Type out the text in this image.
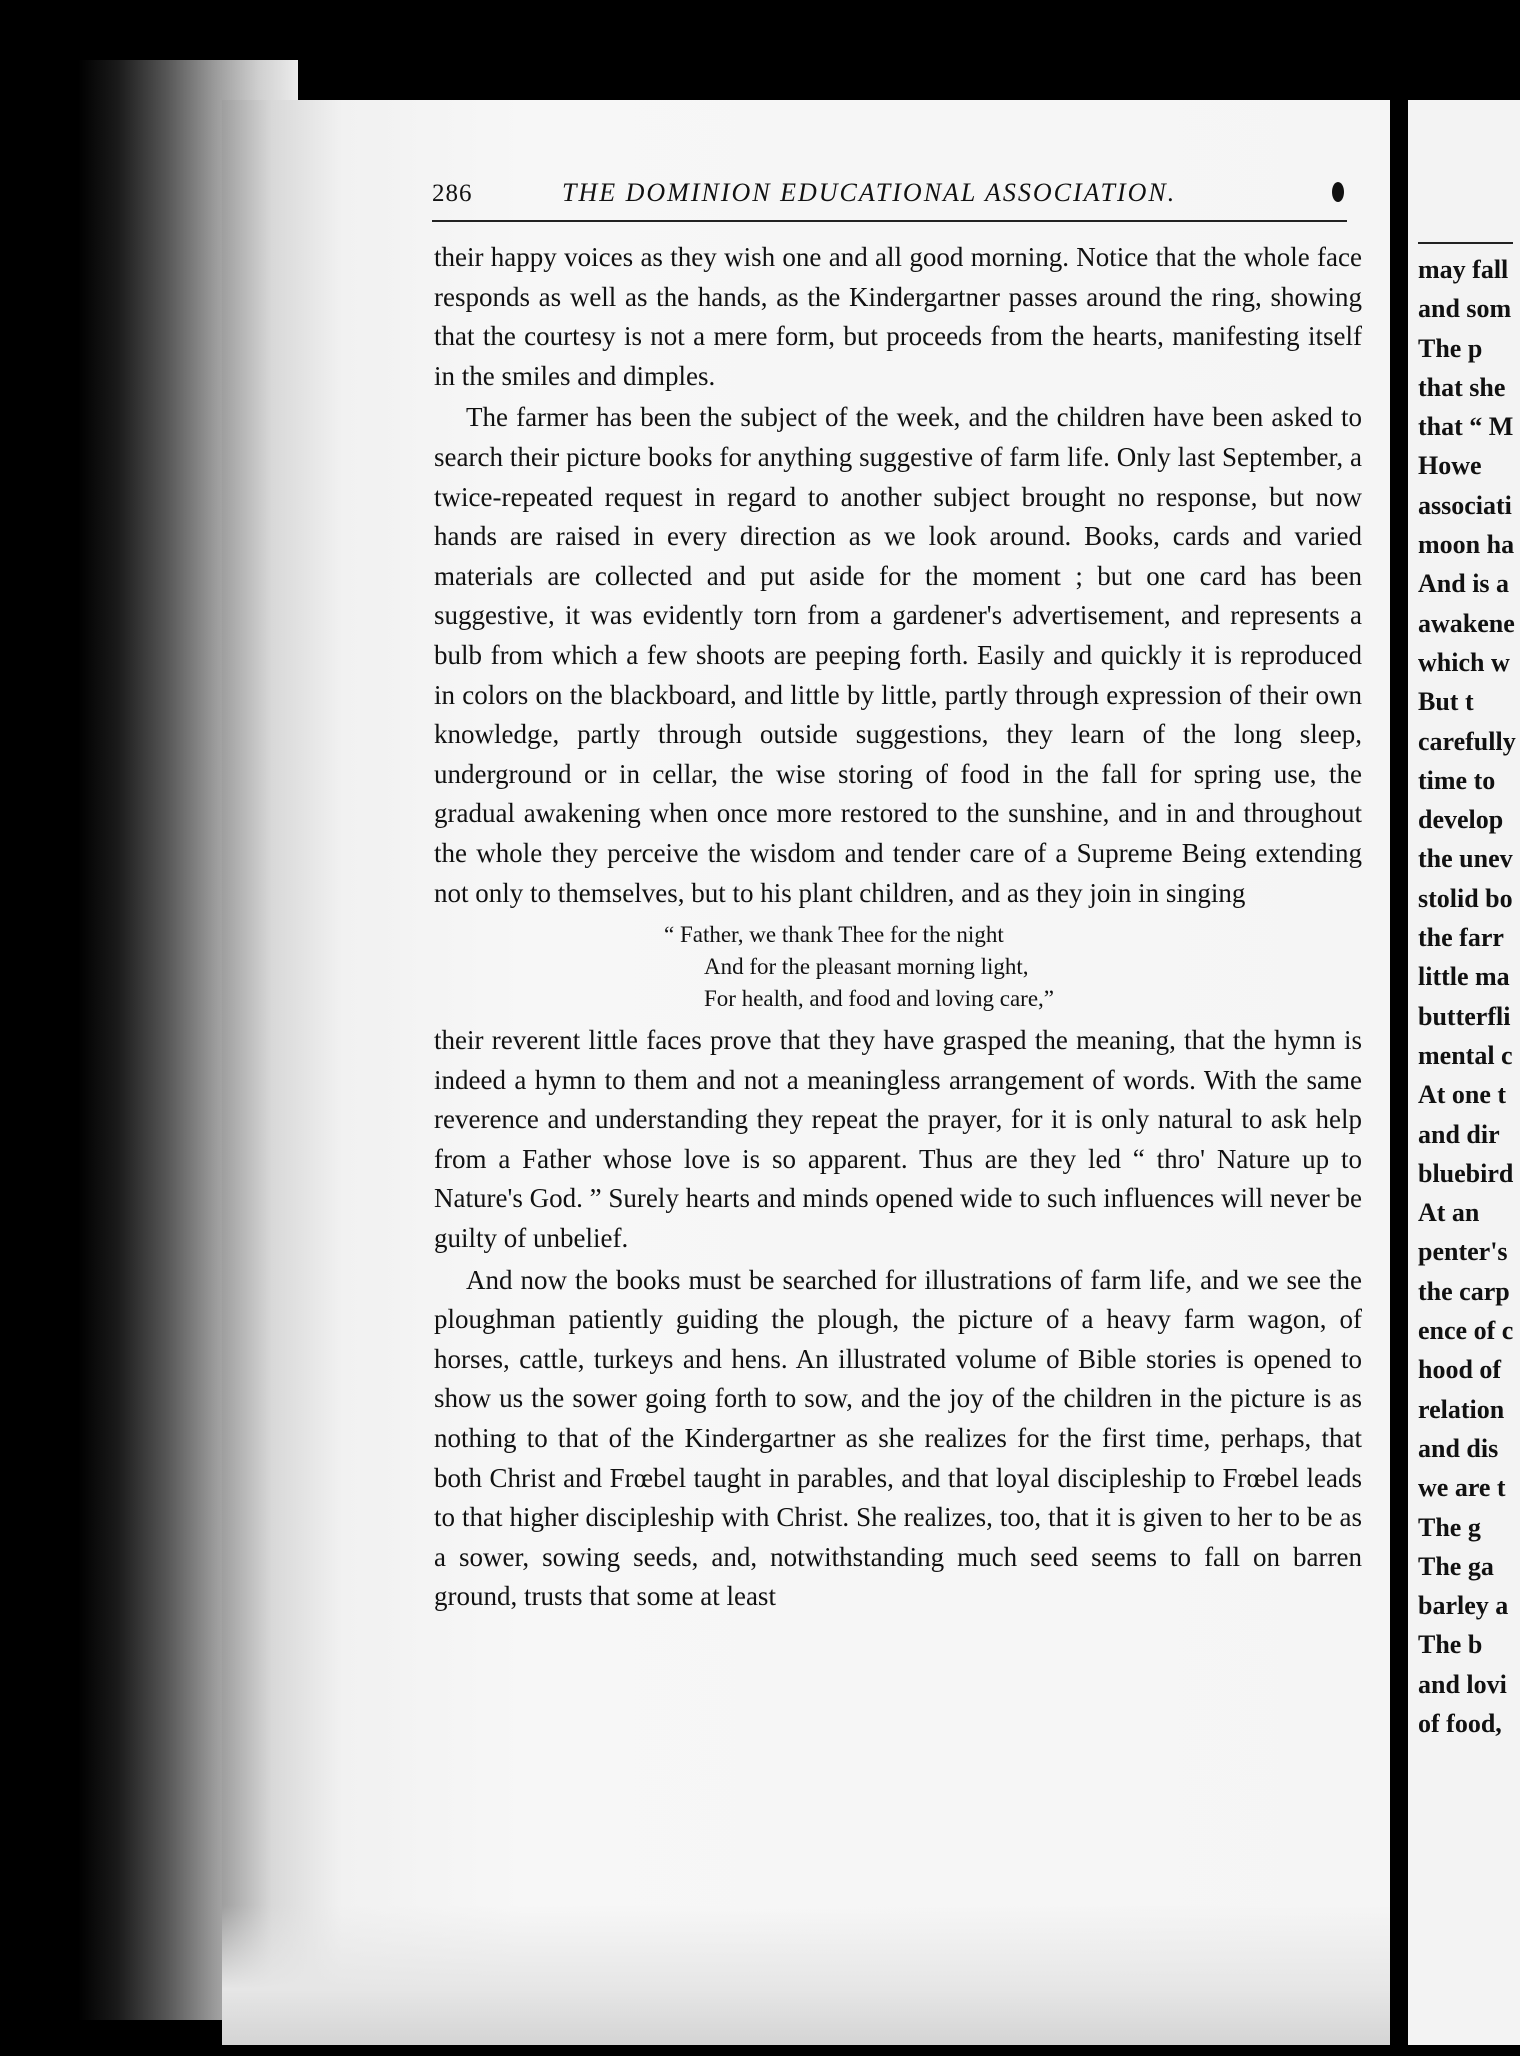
286	THE DOMINION EDUCATIONAL ASSOCIATION.

their happy voices as they wish one and all good morning. Notice that the whole face responds as well as the hands, as the Kindergartner passes around the ring, showing that the courtesy is not a mere form, but proceeds from the hearts, manifesting itself in the smiles and dimples.

The farmer has been the subject of the week, and the children have been asked to search their picture books for anything suggestive of farm life. Only last September, a twice-repeated request in regard to another subject brought no response, but now hands are raised in every direction as we look around. Books, cards and varied materials are collected and put aside for the moment ; but one card has been suggestive, it was evidently torn from a gardener's advertisement, and represents a bulb from which a few shoots are peeping forth. Easily and quickly it is reproduced in colors on the blackboard, and little by little, partly through expression of their own knowledge, partly through outside suggestions, they learn of the long sleep, underground or in cellar, the wise storing of food in the fall for spring use, the gradual awakening when once more restored to the sunshine, and in and throughout the whole they perceive the wisdom and tender care of a Supreme Being extending not only to themselves, but to his plant children, and as they join in singing

“ Father, we thank Thee for the night
And for the pleasant morning light,
For health, and food and loving care,”

their reverent little faces prove that they have grasped the meaning, that the hymn is indeed a hymn to them and not a meaningless arrangement of words. With the same reverence and understanding they repeat the prayer, for it is only natural to ask help from a Father whose love is so apparent. Thus are they led “ thro' Nature up to Nature's God. ” Surely hearts and minds opened wide to such influences will never be guilty of unbelief.

And now the books must be searched for illustrations of farm life, and we see the ploughman patiently guiding the plough, the picture of a heavy farm wagon, of horses, cattle, turkeys and hens. An illustrated volume of Bible stories is opened to show us the sower going forth to sow, and the joy of the children in the picture is as nothing to that of the Kindergartner as she realizes for the first time, perhaps, that both Christ and Frœbel taught in parables, and that loyal discipleship to Frœbel leads to that higher discipleship with Christ. She realizes, too, that it is given to her to be as a sower, sowing seeds, and, notwithstanding much seed seems to fall on barren ground, trusts that some at least

may fall
and som
The p
that she
that “ M
Howe
associati
moon ha
And is a
awakene
which w
But t
carefully
time to
develop
the unev
stolid bo
the farr
little ma
butterfli
mental c
At one t
and dir
bluebird
At an
penter's
the carp
ence of c
hood of
relation
and dis
we are t
The g
The ga
barley a
The b
and lovi
of food,
